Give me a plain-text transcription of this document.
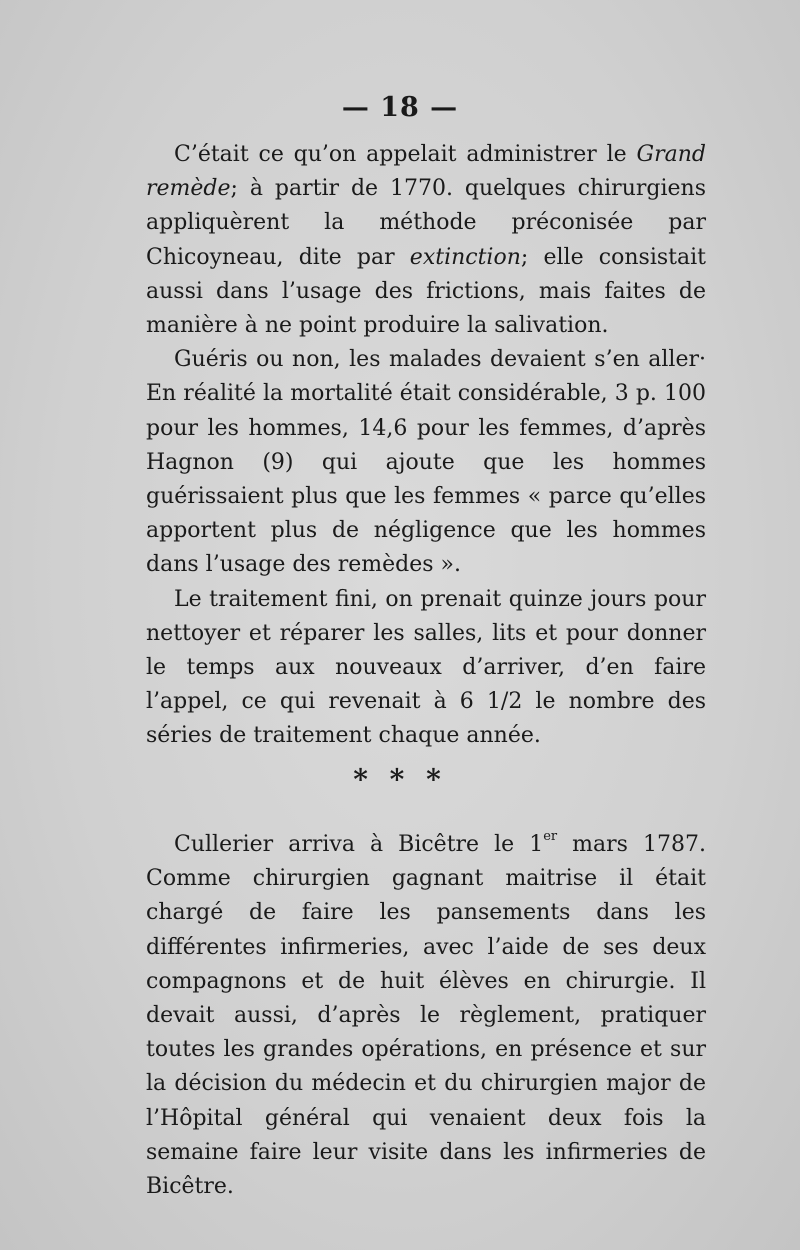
— 18 —

C’était ce qu’on appelait administrer le Grand remède; à partir de 1770. quelques chirurgiens appliquèrent la méthode préconisée par Chicoyneau, dite par extinction; elle consistait aussi dans l’usage des frictions, mais faites de manière à ne point produire la salivation.

Guéris ou non, les malades devaient s’en aller· En réalité la mortalité était considérable, 3 p. 100 pour les hommes, 14,6 pour les femmes, d’après Hagnon (9) qui ajoute que les hommes guérissaient plus que les femmes « parce qu’elles apportent plus de négligence que les hommes dans l’usage des remèdes ».

Le traitement fini, on prenait quinze jours pour nettoyer et réparer les salles, lits et pour donner le temps aux nouveaux d’arriver, d’en faire l’appel, ce qui revenait à 6 1/2 le nombre des séries de traitement chaque année.

* * *

Cullerier arriva à Bicêtre le 1er mars 1787. Comme chirurgien gagnant maitrise il était chargé de faire les pansements dans les différentes infirmeries, avec l’aide de ses deux compagnons et de huit élèves en chirurgie. Il devait aussi, d’après le règlement, pratiquer toutes les grandes opérations, en présence et sur la décision du médecin et du chirurgien major de l’Hôpital général qui venaient deux fois la semaine faire leur visite dans les infirmeries de Bicêtre.
